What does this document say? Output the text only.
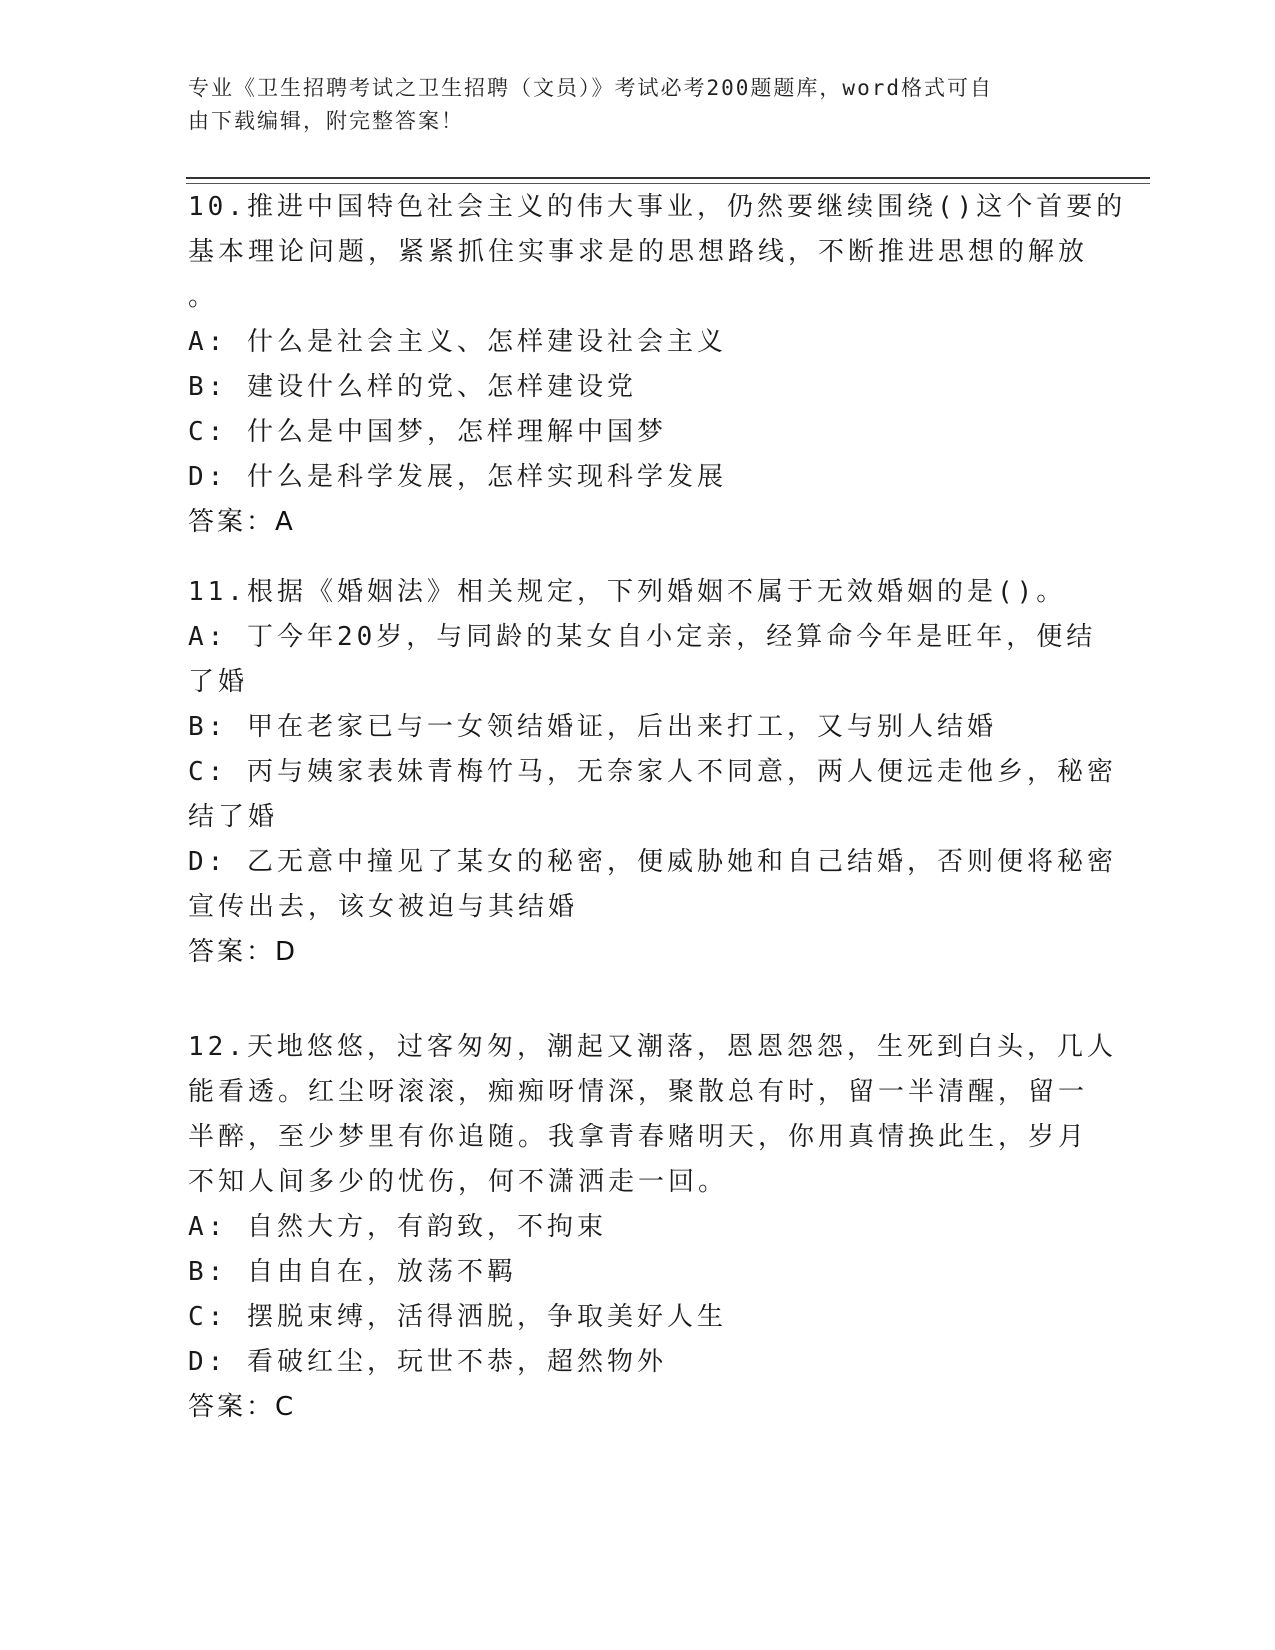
专业《卫生招聘考试之卫生招聘（文员）》考试必考200题题库，word格式可自
由下载编辑，附完整答案！
10.推进中国特色社会主义的伟大事业，仍然要继续围绕()这个首要的
基本理论问题，紧紧抓住实事求是的思想路线，不断推进思想的解放
。
A: 什么是社会主义、怎样建设社会主义
B: 建设什么样的党、怎样建设党
C: 什么是中国梦，怎样理解中国梦
D: 什么是科学发展，怎样实现科学发展
答案：A
11.根据《婚姻法》相关规定，下列婚姻不属于无效婚姻的是()。
A: 丁今年20岁，与同龄的某女自小定亲，经算命今年是旺年，便结
了婚
B: 甲在老家已与一女领结婚证，后出来打工，又与别人结婚
C: 丙与姨家表妹青梅竹马，无奈家人不同意，两人便远走他乡，秘密
结了婚
D: 乙无意中撞见了某女的秘密，便威胁她和自己结婚，否则便将秘密
宣传出去，该女被迫与其结婚
答案：D
12.天地悠悠，过客匆匆，潮起又潮落，恩恩怨怨，生死到白头，几人
能看透。红尘呀滚滚，痴痴呀情深，聚散总有时，留一半清醒，留一
半醉，至少梦里有你追随。我拿青春赌明天，你用真情换此生，岁月
不知人间多少的忧伤，何不潇洒走一回。
A: 自然大方，有韵致，不拘束
B: 自由自在，放荡不羁
C: 摆脱束缚，活得洒脱，争取美好人生
D: 看破红尘，玩世不恭，超然物外
答案：C
